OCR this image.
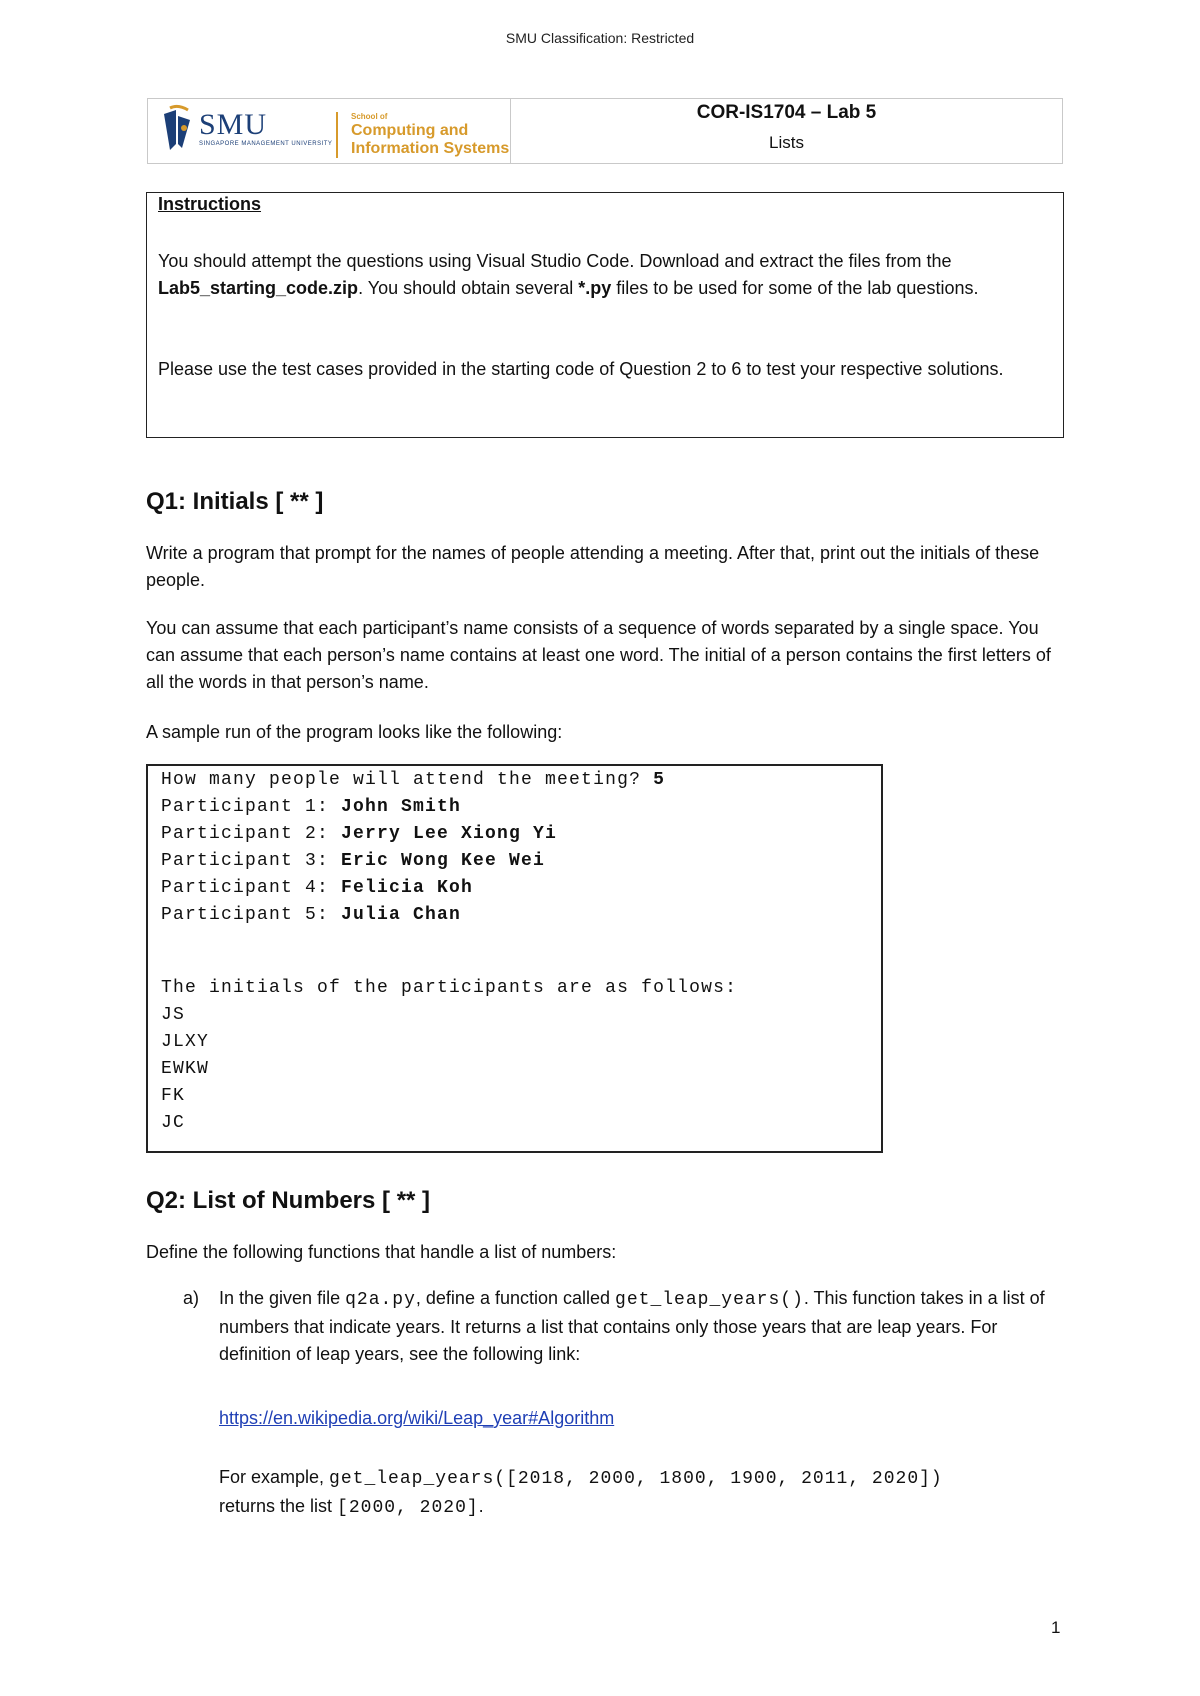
SMU Classification: Restricted
SMU
SINGAPORE MANAGEMENT UNIVERSITY
School of
Computing and
Information Systems
COR-IS1704 – Lab 5
Lists
Instructions
You should attempt the questions using Visual Studio Code. Download and extract the files from the Lab5_starting_code.zip. You should obtain several *.py files to be used for some of the lab questions.
Please use the test cases provided in the starting code of Question 2 to 6 to test your respective solutions.
Q1: Initials [ ** ]
Write a program that prompt for the names of people attending a meeting. After that, print out the initials of these people.
You can assume that each participant’s name consists of a sequence of words separated by a single space. You can assume that each person’s name contains at least one word. The initial of a person contains the first letters of all the words in that person’s name.
A sample run of the program looks like the following:
How many people will attend the meeting? 5
Participant 1: John Smith
Participant 2: Jerry Lee Xiong Yi
Participant 3: Eric Wong Kee Wei
Participant 4: Felicia Koh
Participant 5: Julia Chan
The initials of the participants are as follows:
JS
JLXY
EWKW
FK
JC
Q2: List of Numbers [ ** ]
Define the following functions that handle a list of numbers:
a) In the given file q2a.py, define a function called get_leap_years(). This function takes in a list of numbers that indicate years. It returns a list that contains only those years that are leap years. For definition of leap years, see the following link:
https://en.wikipedia.org/wiki/Leap_year#Algorithm
For example, get_leap_years([2018, 2000, 1800, 1900, 2011, 2020])
returns the list [2000, 2020].
1
